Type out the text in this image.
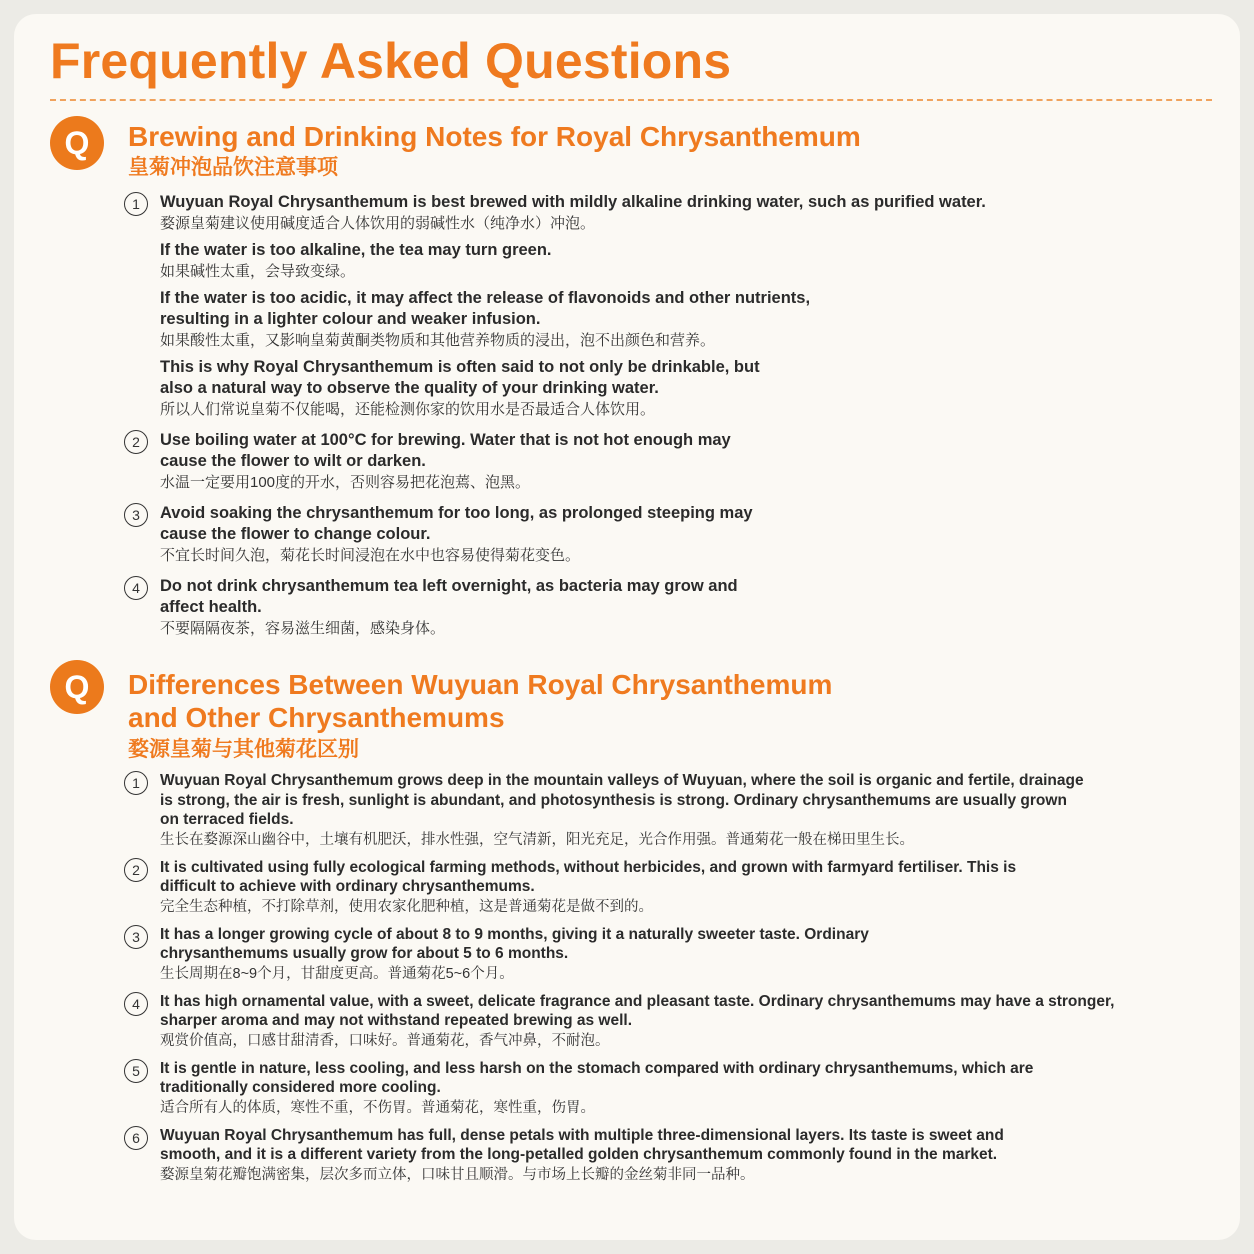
Frequently Asked Questions
Q	Brewing and Drinking Notes for Royal Chrysanthemum
皇菊冲泡品饮注意事项
1	Wuyuan Royal Chrysanthemum is best brewed with mildly alkaline drinking water, such as purified water.
婺源皇菊建议使用碱度适合人体饮用的弱碱性水（纯净水）冲泡。
If the water is too alkaline, the tea may turn green.
如果碱性太重，会导致变绿。
If the water is too acidic, it may affect the release of flavonoids and other nutrients, resulting in a lighter colour and weaker infusion.
如果酸性太重，又影响皇菊黄酮类物质和其他营养物质的浸出，泡不出颜色和营养。
This is why Royal Chrysanthemum is often said to not only be drinkable, but also a natural way to observe the quality of your drinking water.
所以人们常说皇菊不仅能喝，还能检测你家的饮用水是否最适合人体饮用。
2	Use boiling water at 100°C for brewing. Water that is not hot enough may cause the flower to wilt or darken.
水温一定要用100度的开水，否则容易把花泡蔫、泡黑。
3	Avoid soaking the chrysanthemum for too long, as prolonged steeping may cause the flower to change colour.
不宜长时间久泡，菊花长时间浸泡在水中也容易使得菊花变色。
4	Do not drink chrysanthemum tea left overnight, as bacteria may grow and affect health.
不要隔隔夜茶，容易滋生细菌，感染身体。
Q	Differences Between Wuyuan Royal Chrysanthemum
and Other Chrysanthemums
婺源皇菊与其他菊花区别
1	Wuyuan Royal Chrysanthemum grows deep in the mountain valleys of Wuyuan, where the soil is organic and fertile, drainage is strong, the air is fresh, sunlight is abundant, and photosynthesis is strong. Ordinary chrysanthemums are usually grown on terraced fields.
生长在婺源深山幽谷中，土壤有机肥沃，排水性强，空气清新，阳光充足，光合作用强。普通菊花一般在梯田里生长。
2	It is cultivated using fully ecological farming methods, without herbicides, and grown with farmyard fertiliser. This is difficult to achieve with ordinary chrysanthemums.
完全生态种植，不打除草剂，使用农家化肥种植，这是普通菊花是做不到的。
3	It has a longer growing cycle of about 8 to 9 months, giving it a naturally sweeter taste. Ordinary chrysanthemums usually grow for about 5 to 6 months.
生长周期在8~9个月，甘甜度更高。普通菊花5~6个月。
4	It has high ornamental value, with a sweet, delicate fragrance and pleasant taste. Ordinary chrysanthemums may have a stronger, sharper aroma and may not withstand repeated brewing as well.
观赏价值高，口感甘甜清香，口味好。普通菊花，香气冲鼻，不耐泡。
5	It is gentle in nature, less cooling, and less harsh on the stomach compared with ordinary chrysanthemums, which are traditionally considered more cooling.
适合所有人的体质，寒性不重，不伤胃。普通菊花，寒性重，伤胃。
6	Wuyuan Royal Chrysanthemum has full, dense petals with multiple three-dimensional layers. Its taste is sweet and smooth, and it is a different variety from the long-petalled golden chrysanthemum commonly found in the market.
婺源皇菊花瓣饱满密集，层次多而立体，口味甘且顺滑。与市场上长瓣的金丝菊非同一品种。
